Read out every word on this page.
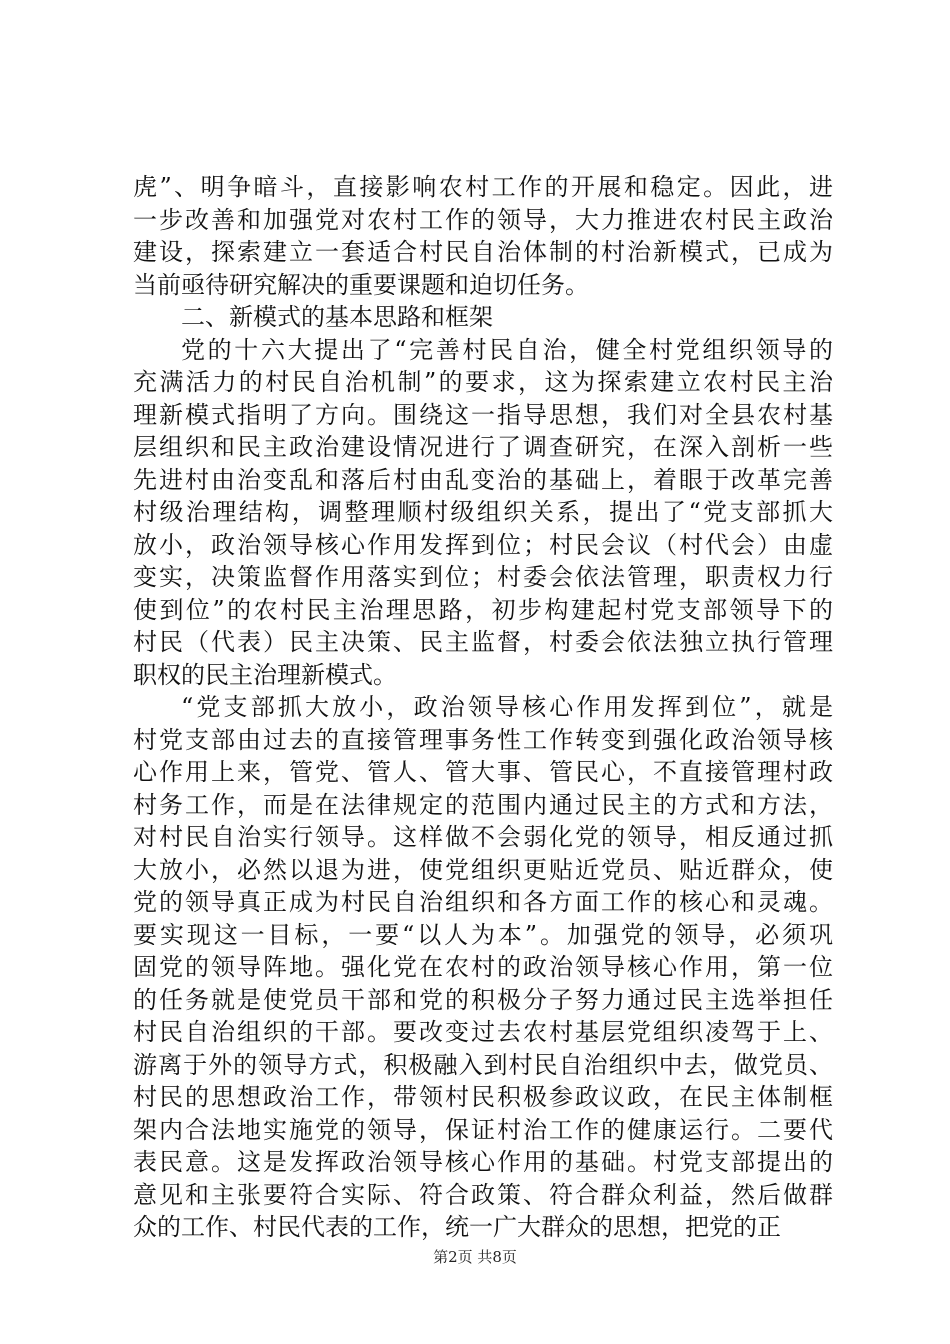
虎”、明争暗斗，直接影响农村工作的开展和稳定。因此，进
一步改善和加强党对农村工作的领导，大力推进农村民主政治
建设，探索建立一套适合村民自治体制的村治新模式，已成为
当前亟待研究解决的重要课题和迫切任务。
二、新模式的基本思路和框架
党的十六大提出了“完善村民自治，健全村党组织领导的
充满活力的村民自治机制”的要求，这为探索建立农村民主治
理新模式指明了方向。围绕这一指导思想，我们对全县农村基
层组织和民主政治建设情况进行了调查研究，在深入剖析一些
先进村由治变乱和落后村由乱变治的基础上，着眼于改革完善
村级治理结构，调整理顺村级组织关系，提出了“党支部抓大
放小，政治领导核心作用发挥到位；村民会议（村代会）由虚
变实，决策监督作用落实到位；村委会依法管理，职责权力行
使到位”的农村民主治理思路，初步构建起村党支部领导下的
村民（代表）民主决策、民主监督，村委会依法独立执行管理
职权的民主治理新模式。
“党支部抓大放小，政治领导核心作用发挥到位”，就是
村党支部由过去的直接管理事务性工作转变到强化政治领导核
心作用上来，管党、管人、管大事、管民心，不直接管理村政
村务工作，而是在法律规定的范围内通过民主的方式和方法，
对村民自治实行领导。这样做不会弱化党的领导，相反通过抓
大放小，必然以退为进，使党组织更贴近党员、贴近群众，使
党的领导真正成为村民自治组织和各方面工作的核心和灵魂。
要实现这一目标，一要“以人为本”。加强党的领导，必须巩
固党的领导阵地。强化党在农村的政治领导核心作用，第一位
的任务就是使党员干部和党的积极分子努力通过民主选举担任
村民自治组织的干部。要改变过去农村基层党组织凌驾于上、
游离于外的领导方式，积极融入到村民自治组织中去，做党员、
村民的思想政治工作，带领村民积极参政议政，在民主体制框
架内合法地实施党的领导，保证村治工作的健康运行。二要代
表民意。这是发挥政治领导核心作用的基础。村党支部提出的
意见和主张要符合实际、符合政策、符合群众利益，然后做群
众的工作、村民代表的工作，统一广大群众的思想，把党的正
第2页 共8页
